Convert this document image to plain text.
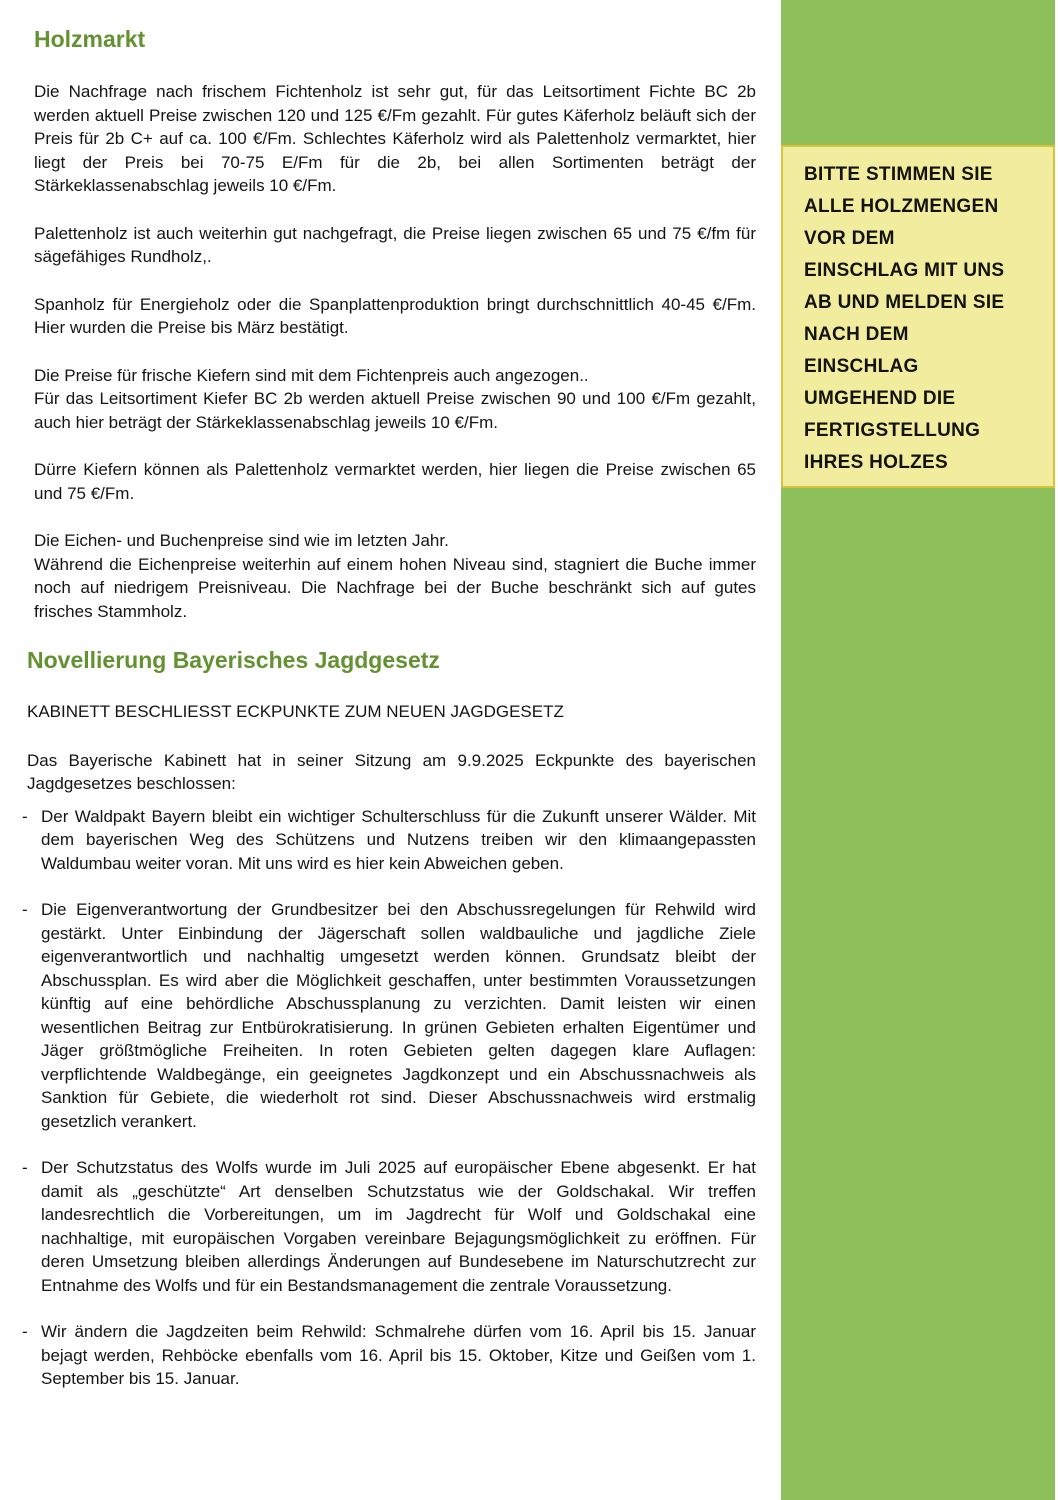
BITTE STIMMEN SIE
ALLE HOLZMENGEN
VOR DEM
EINSCHLAG MIT UNS
AB UND MELDEN SIE
NACH DEM
EINSCHLAG
UMGEHEND DIE
FERTIGSTELLUNG
IHRES HOLZES
Holzmarkt

Die Nachfrage nach frischem Fichtenholz ist sehr gut, für das Leitsortiment Fichte BC 2b werden aktuell Preise zwischen 120 und 125 €/Fm gezahlt. Für gutes Käferholz beläuft sich der Preis für 2b C+ auf ca. 100 €/Fm. Schlechtes Käferholz wird als Palettenholz vermarktet, hier liegt der Preis bei 70-75 E/Fm für die 2b, bei allen Sortimenten beträgt der Stärkeklassenabschlag jeweils 10 €/Fm.

Palettenholz ist auch weiterhin gut nachgefragt, die Preise liegen zwischen 65 und 75 €/fm für sägefähiges Rundholz,.

Spanholz für Energieholz oder die Spanplattenproduktion bringt durchschnittlich 40-45 €/Fm. Hier wurden die Preise bis März bestätigt.

Die Preise für frische Kiefern sind mit dem Fichtenpreis auch angezogen..

Für das Leitsortiment Kiefer BC 2b werden aktuell Preise zwischen 90 und 100 €/Fm gezahlt, auch hier beträgt der Stärkeklassenabschlag jeweils 10 €/Fm.

Dürre Kiefern können als Palettenholz vermarktet werden, hier liegen die Preise zwischen 65 und 75 €/Fm.

Die Eichen- und Buchenpreise sind wie im letzten Jahr.

Während die Eichenpreise weiterhin auf einem hohen Niveau sind, stagniert die Buche immer noch auf niedrigem Preisniveau. Die Nachfrage bei der Buche beschränkt sich auf gutes frisches Stammholz.

Novellierung Bayerisches Jagdgesetz

KABINETT BESCHLIESST ECKPUNKTE ZUM NEUEN JAGDGESETZ

Das Bayerische Kabinett hat in seiner Sitzung am 9.9.2025 Eckpunkte des bayerischen Jagdgesetzes beschlossen:

- Der Waldpakt Bayern bleibt ein wichtiger Schulterschluss für die Zukunft unserer Wälder. Mit dem bayerischen Weg des Schützens und Nutzens treiben wir den klimaangepassten Waldumbau weiter voran. Mit uns wird es hier kein Abweichen geben.
- Die Eigenverantwortung der Grundbesitzer bei den Abschussregelungen für Rehwild wird gestärkt. Unter Einbindung der Jägerschaft sollen waldbauliche und jagdliche Ziele eigenverantwortlich und nachhaltig umgesetzt werden können. Grundsatz bleibt der Abschussplan. Es wird aber die Möglichkeit geschaffen, unter bestimmten Voraussetzungen künftig auf eine behördliche Abschussplanung zu verzichten. Damit leisten wir einen wesentlichen Beitrag zur Entbürokratisierung. In grünen Gebieten erhalten Eigentümer und Jäger größtmögliche Freiheiten. In roten Gebieten gelten dagegen klare Auflagen: verpflichtende Waldbegänge, ein geeignetes Jagdkonzept und ein Abschussnachweis als Sanktion für Gebiete, die wiederholt rot sind. Dieser Abschussnachweis wird erstmalig gesetzlich verankert.
- Der Schutzstatus des Wolfs wurde im Juli 2025 auf europäischer Ebene abgesenkt. Er hat damit als „geschützte“ Art denselben Schutzstatus wie der Goldschakal. Wir treffen landesrechtlich die Vorbereitungen, um im Jagdrecht für Wolf und Goldschakal eine nachhaltige, mit europäischen Vorgaben vereinbare Bejagungsmöglichkeit zu eröffnen. Für deren Umsetzung bleiben allerdings Änderungen auf Bundesebene im Naturschutzrecht zur Entnahme des Wolfs und für ein Bestandsmanagement die zentrale Voraussetzung.
- Wir ändern die Jagdzeiten beim Rehwild: Schmalrehe dürfen vom 16. April bis 15. Januar bejagt werden, Rehböcke ebenfalls vom 16. April bis 15. Oktober, Kitze und Geißen vom 1. September bis 15. Januar.
